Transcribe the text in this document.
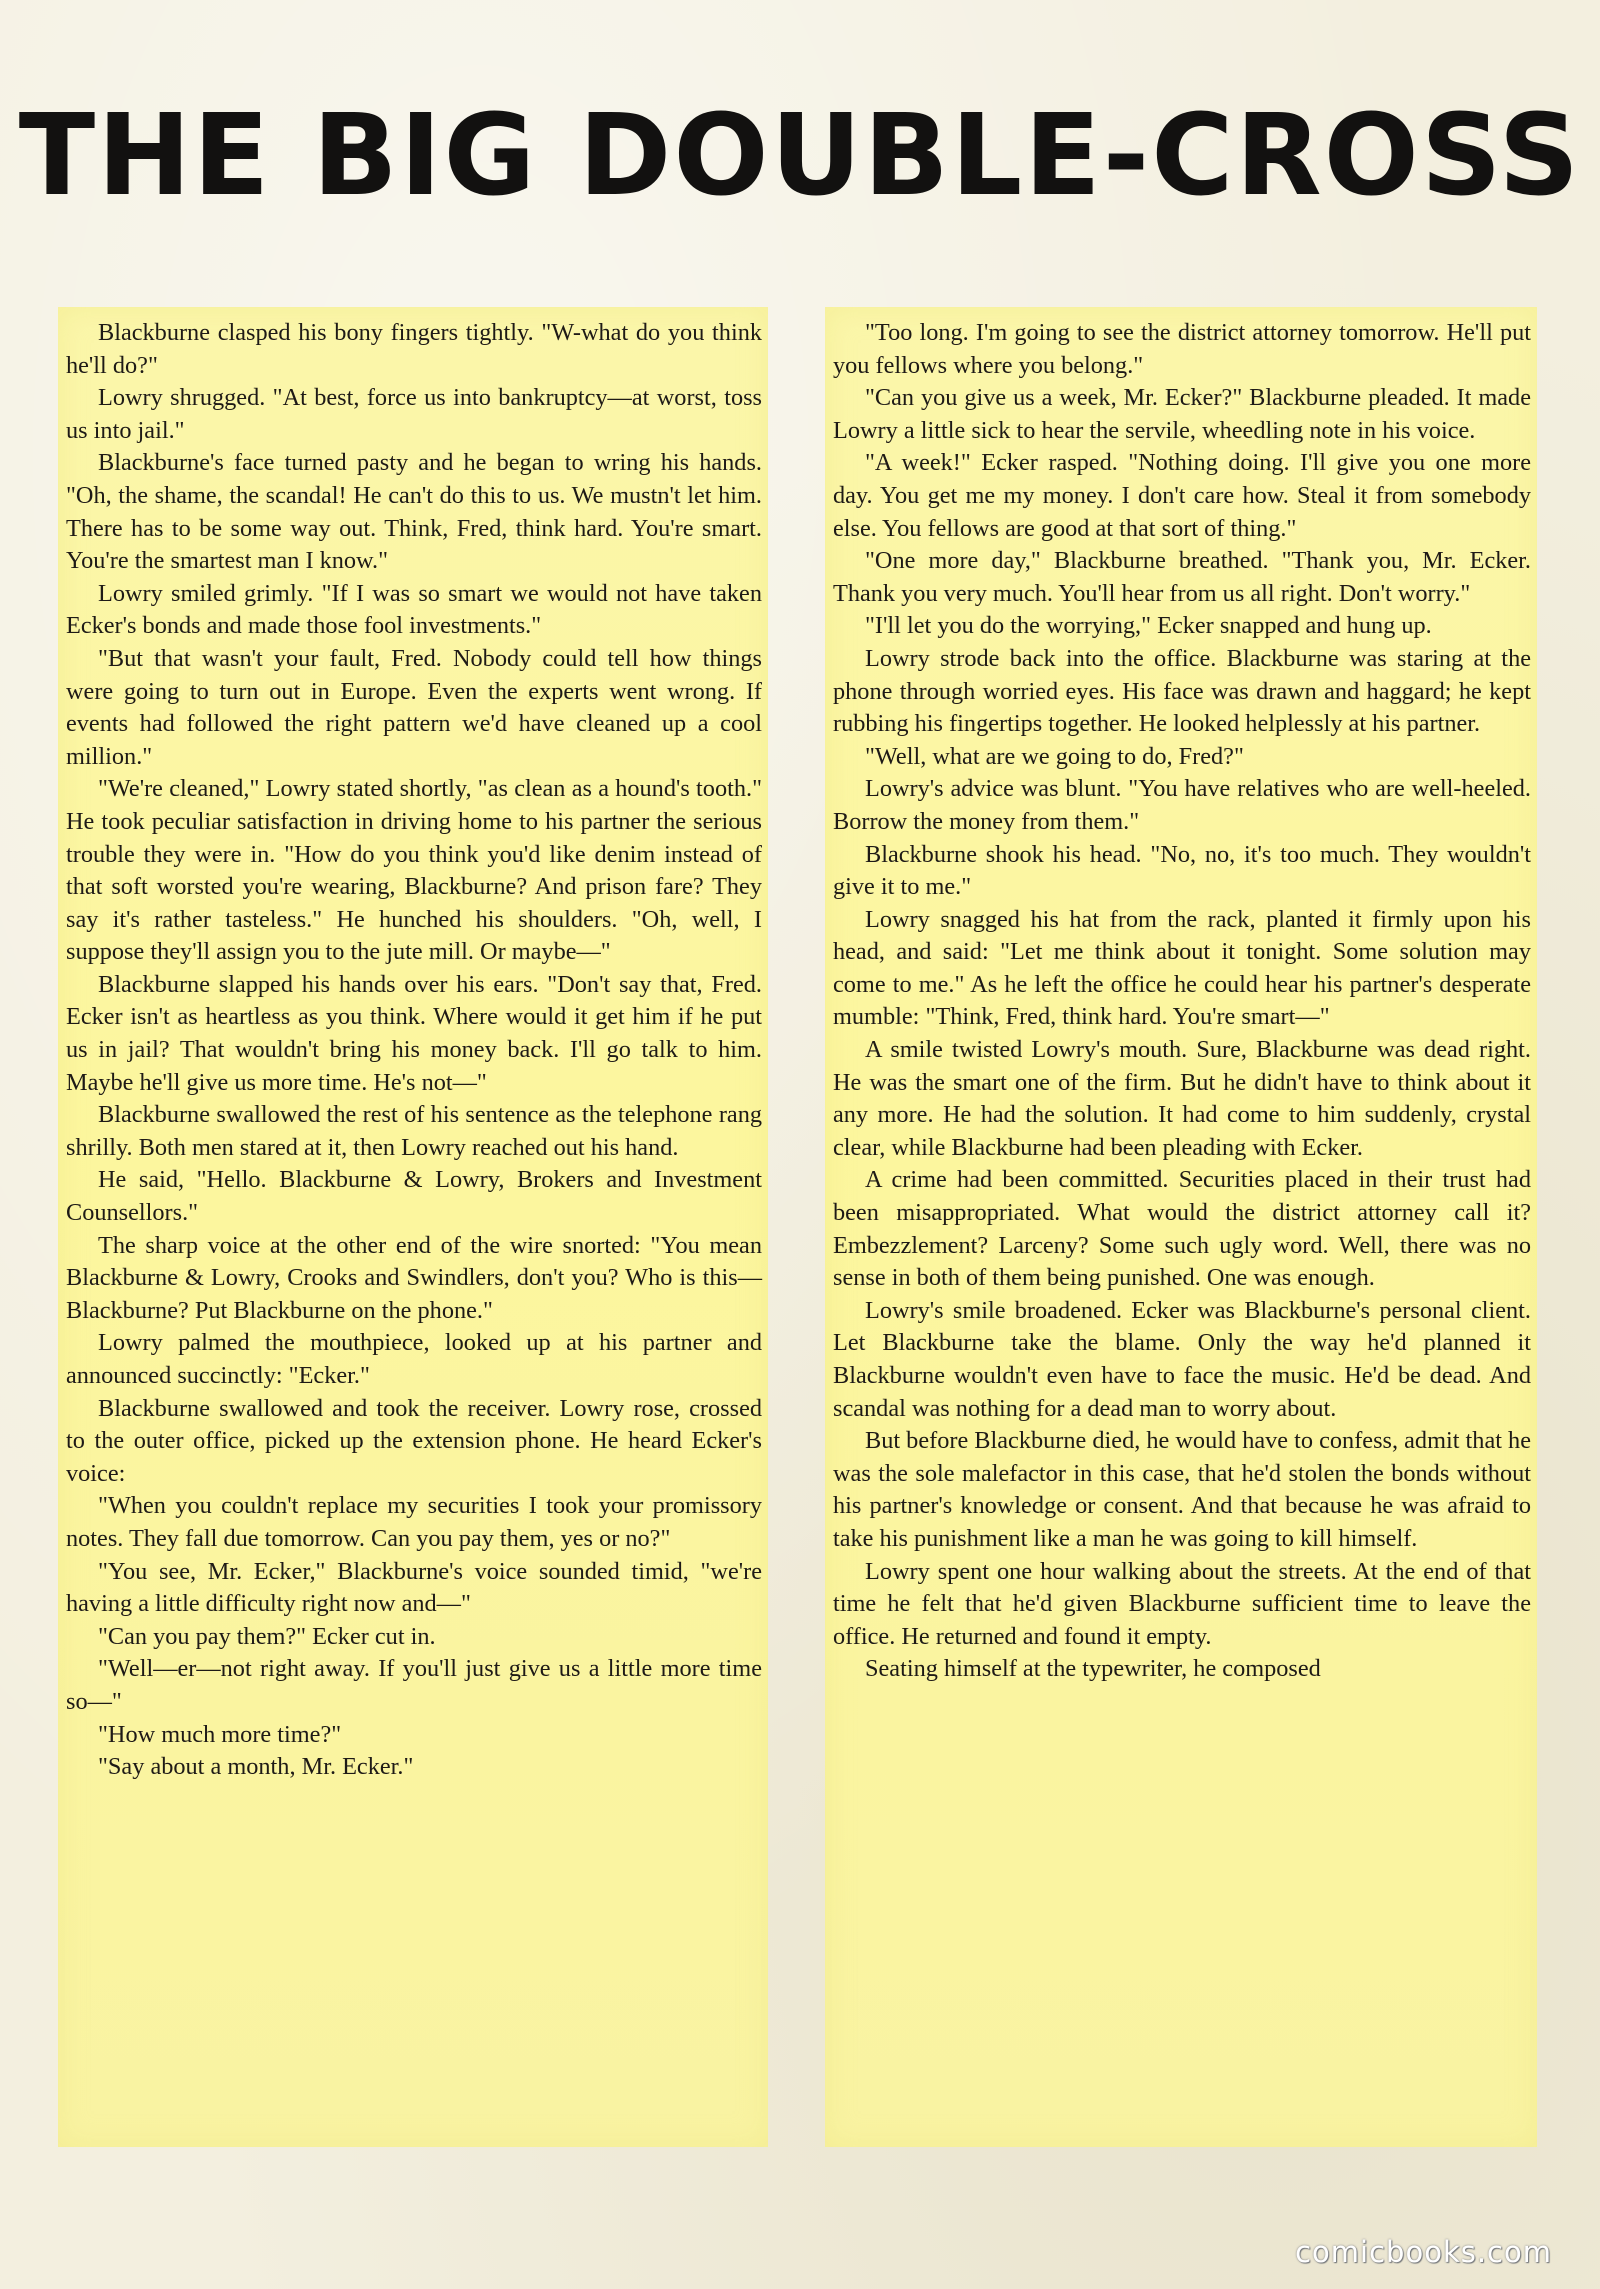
THE BIG DOUBLE-CROSS

Blackburne clasped his bony fingers tightly. "W-what do you think he'll do?"

Lowry shrugged. "At best, force us into bankruptcy—at worst, toss us into jail."

Blackburne's face turned pasty and he began to wring his hands. "Oh, the shame, the scandal! He can't do this to us. We mustn't let him. There has to be some way out. Think, Fred, think hard. You're smart. You're the smartest man I know."

Lowry smiled grimly. "If I was so smart we would not have taken Ecker's bonds and made those fool investments."

"But that wasn't your fault, Fred. Nobody could tell how things were going to turn out in Europe. Even the experts went wrong. If events had followed the right pattern we'd have cleaned up a cool million."

"We're cleaned," Lowry stated shortly, "as clean as a hound's tooth." He took peculiar satisfaction in driving home to his partner the serious trouble they were in. "How do you think you'd like denim instead of that soft worsted you're wearing, Blackburne? And prison fare? They say it's rather tasteless." He hunched his shoulders. "Oh, well, I suppose they'll assign you to the jute mill. Or maybe—"

Blackburne slapped his hands over his ears. "Don't say that, Fred. Ecker isn't as heartless as you think. Where would it get him if he put us in jail? That wouldn't bring his money back. I'll go talk to him. Maybe he'll give us more time. He's not—"

Blackburne swallowed the rest of his sentence as the telephone rang shrilly. Both men stared at it, then Lowry reached out his hand.

He said, "Hello. Blackburne & Lowry, Brokers and Investment Counsellors."

The sharp voice at the other end of the wire snorted: "You mean Blackburne & Lowry, Crooks and Swindlers, don't you? Who is this—Blackburne? Put Blackburne on the phone."

Lowry palmed the mouthpiece, looked up at his partner and announced succinctly: "Ecker."

Blackburne swallowed and took the receiver. Lowry rose, crossed to the outer office, picked up the extension phone. He heard Ecker's voice:

"When you couldn't replace my securities I took your promissory notes. They fall due tomorrow. Can you pay them, yes or no?"

"You see, Mr. Ecker," Blackburne's voice sounded timid, "we're having a little difficulty right now and—"

"Can you pay them?" Ecker cut in.

"Well—er—not right away. If you'll just give us a little more time so—"

"How much more time?"

"Say about a month, Mr. Ecker."

"Too long. I'm going to see the district attorney tomorrow. He'll put you fellows where you belong."

"Can you give us a week, Mr. Ecker?" Blackburne pleaded. It made Lowry a little sick to hear the servile, wheedling note in his voice.

"A week!" Ecker rasped. "Nothing doing. I'll give you one more day. You get me my money. I don't care how. Steal it from somebody else. You fellows are good at that sort of thing."

"One more day," Blackburne breathed. "Thank you, Mr. Ecker. Thank you very much. You'll hear from us all right. Don't worry."

"I'll let you do the worrying," Ecker snapped and hung up.

Lowry strode back into the office. Blackburne was staring at the phone through worried eyes. His face was drawn and haggard; he kept rubbing his fingertips together. He looked helplessly at his partner.

"Well, what are we going to do, Fred?"

Lowry's advice was blunt. "You have relatives who are well-heeled. Borrow the money from them."

Blackburne shook his head. "No, no, it's too much. They wouldn't give it to me."

Lowry snagged his hat from the rack, planted it firmly upon his head, and said: "Let me think about it tonight. Some solution may come to me." As he left the office he could hear his partner's desperate mumble: "Think, Fred, think hard. You're smart—"

A smile twisted Lowry's mouth. Sure, Blackburne was dead right. He was the smart one of the firm. But he didn't have to think about it any more. He had the solution. It had come to him suddenly, crystal clear, while Blackburne had been pleading with Ecker.

A crime had been committed. Securities placed in their trust had been misappropriated. What would the district attorney call it? Embezzlement? Larceny? Some such ugly word. Well, there was no sense in both of them being punished. One was enough.

Lowry's smile broadened. Ecker was Blackburne's personal client. Let Blackburne take the blame. Only the way he'd planned it Blackburne wouldn't even have to face the music. He'd be dead. And scandal was nothing for a dead man to worry about.

But before Blackburne died, he would have to confess, admit that he was the sole malefactor in this case, that he'd stolen the bonds without his partner's knowledge or consent. And that because he was afraid to take his punishment like a man he was going to kill himself.

Lowry spent one hour walking about the streets. At the end of that time he felt that he'd given Blackburne sufficient time to leave the office. He returned and found it empty.

Seating himself at the typewriter, he composed

comicbooks.com
